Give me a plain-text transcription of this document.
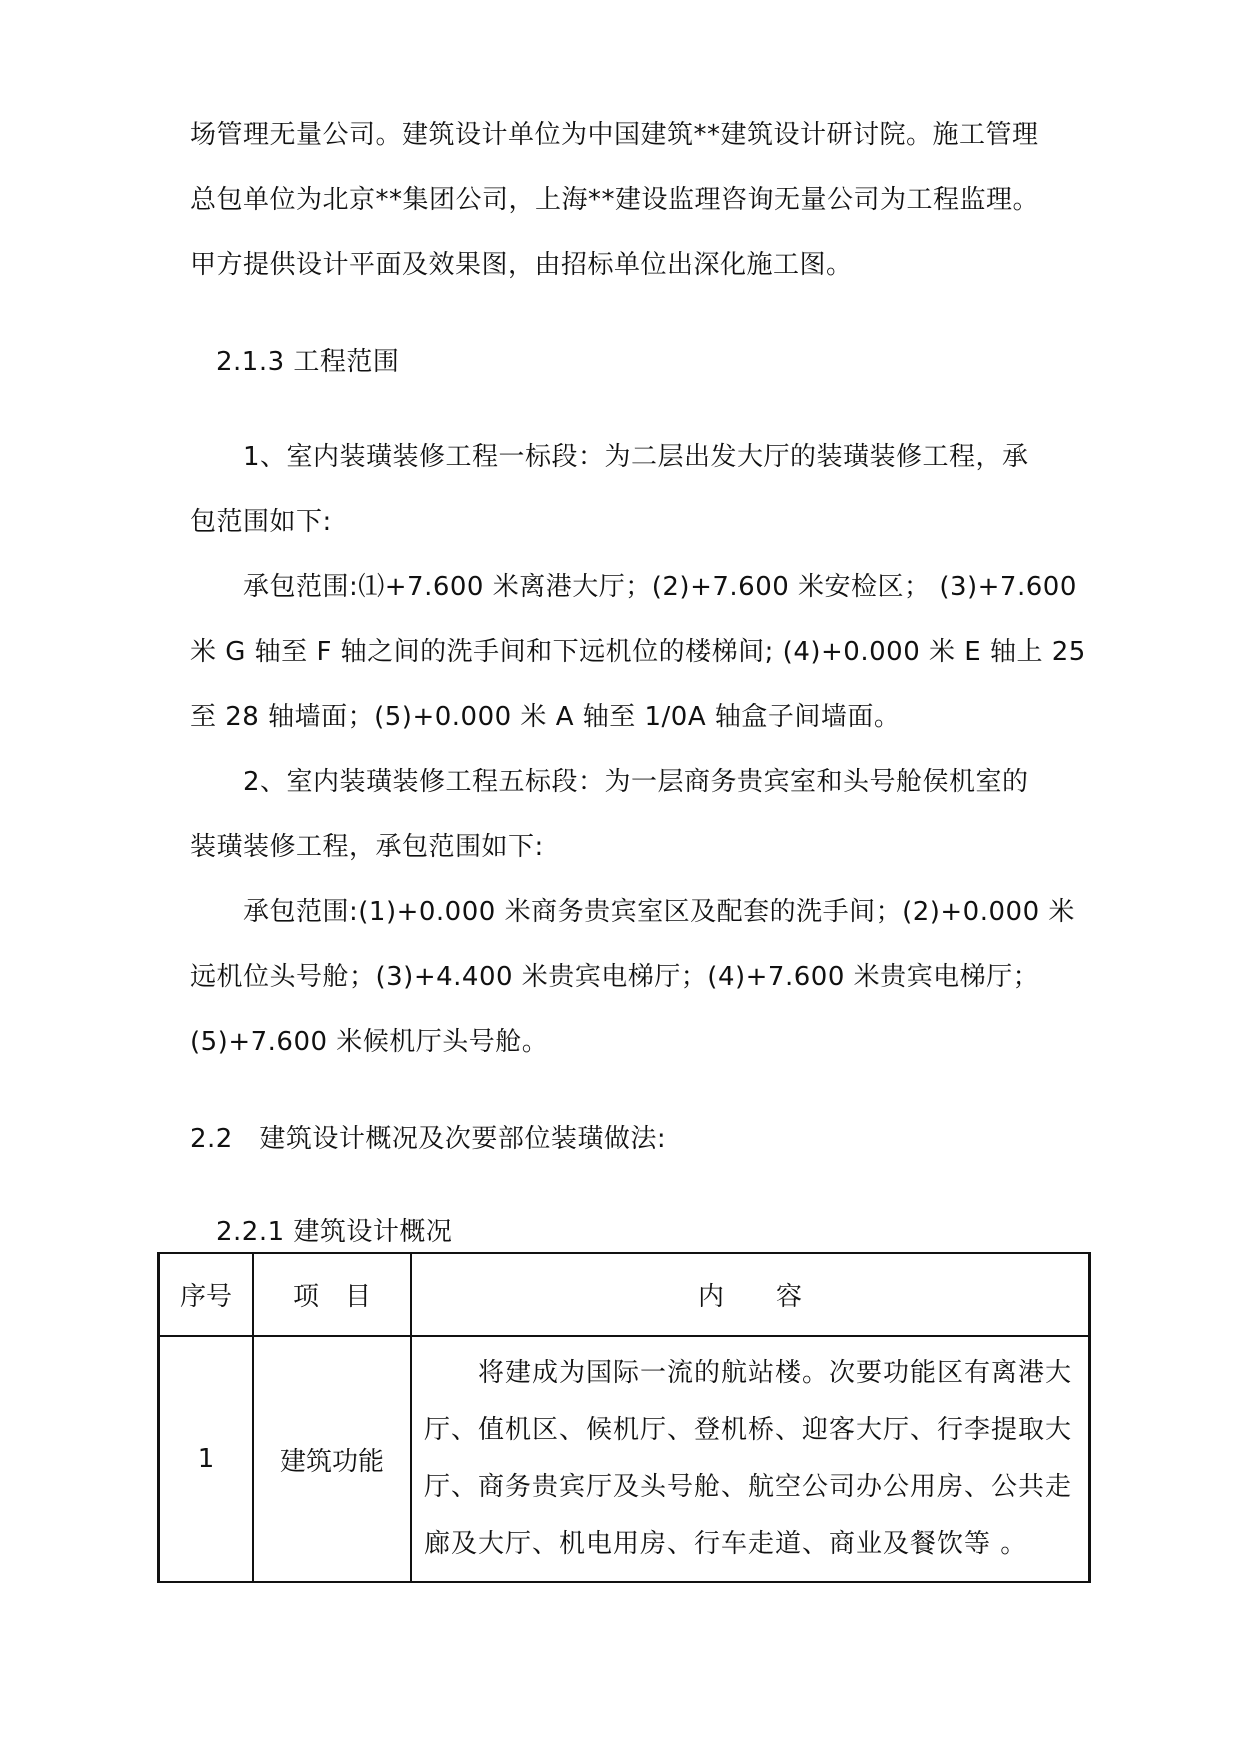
场管理无量公司。建筑设计单位为中国建筑**建筑设计研讨院。施工管理
总包单位为北京**集团公司，上海**建设监理咨询无量公司为工程监理。
甲方提供设计平面及效果图，由招标单位出深化施工图。
2.1.3 工程范围
1、室内装璜装修工程一标段：为二层出发大厅的装璜装修工程，承
包范围如下:
承包范围:⑴+7.600 米离港大厅；(2)+7.600 米安检区； (3)+7.600
米 G 轴至 F 轴之间的洗手间和下远机位的楼梯间; (4)+0.000 米 E 轴上 25
至 28 轴墙面；(5)+0.000 米 A 轴至 1/0A 轴盒子间墙面。
2、室内装璜装修工程五标段：为一层商务贵宾室和头号舱侯机室的
装璜装修工程，承包范围如下:
承包范围:(1)+0.000 米商务贵宾室区及配套的洗手间；(2)+0.000 米
远机位头号舱；(3)+4.400 米贵宾电梯厅；(4)+7.600 米贵宾电梯厅；
(5)+7.600 米候机厅头号舱。
2.2　建筑设计概况及次要部位装璜做法:
2.2.1 建筑设计概况
序号	项　目	内　　容
1	建筑功能	　　将建成为国际一流的航站楼。次要功能区有离港大厅、值机区、候机厅、登机桥、迎客大厅、行李提取大厅、商务贵宾厅及头号舱、航空公司办公用房、公共走廊及大厅、机电用房、行车走道、商业及餐饮等 。
